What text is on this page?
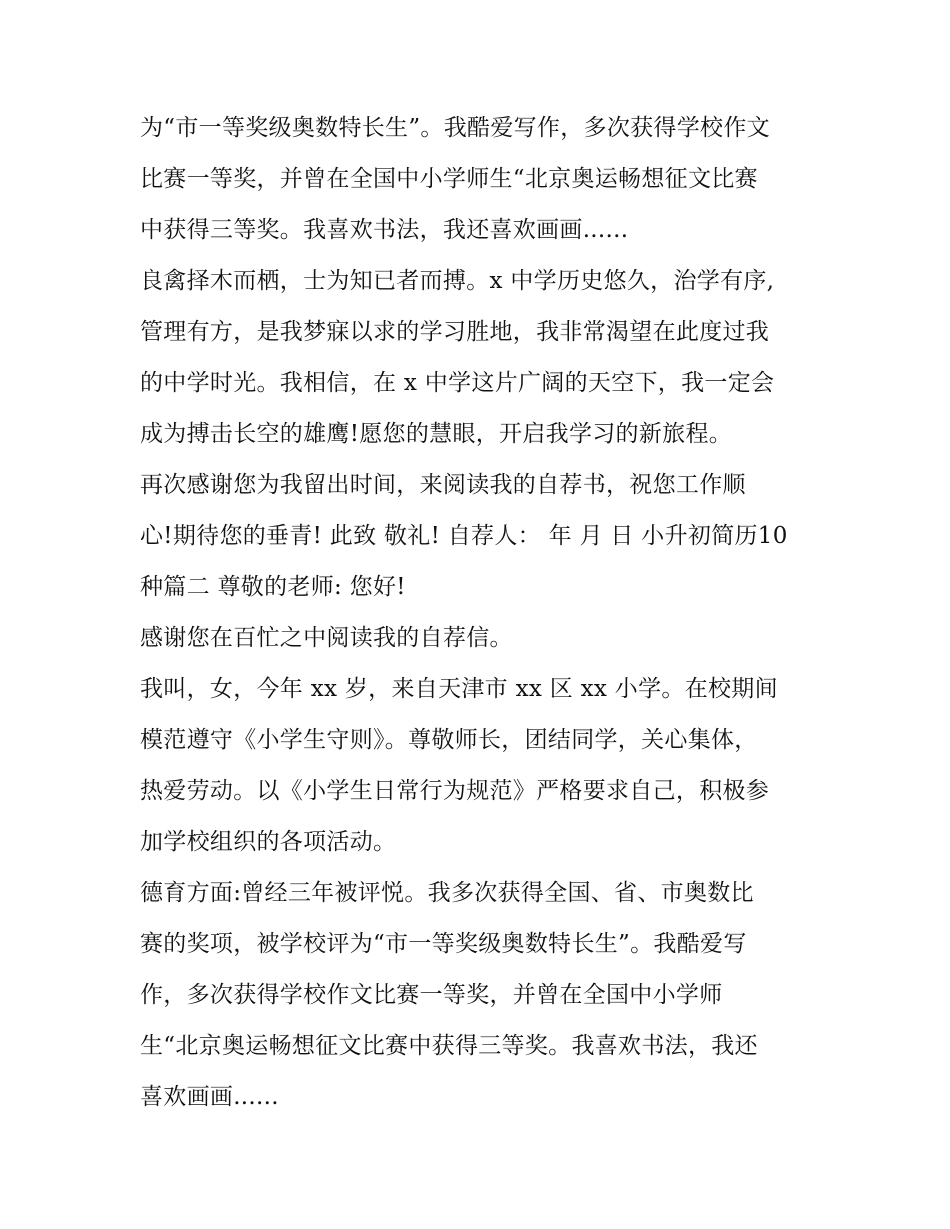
为“市一等奖级奥数特长生”。我酷爱写作，多次获得学校作文
比赛一等奖，并曾在全国中小学师生“北京奥运畅想征文比赛
中获得三等奖。我喜欢书法，我还喜欢画画......
良禽择木而栖，士为知已者而搏。x 中学历史悠久，治学有序,
管理有方，是我梦寐以求的学习胜地，我非常渴望在此度过我
的中学时光。我相信，在 x 中学这片广阔的天空下，我一定会
成为搏击长空的雄鹰!愿您的慧眼，开启我学习的新旅程。
再次感谢您为我留出时间，来阅读我的自荐书，祝您工作顺
心!期待您的垂青! 此致 敬礼! 自荐人： 年 月 日 小升初简历10
种篇二 尊敬的老师: 您好!
感谢您在百忙之中阅读我的自荐信。
我叫，女，今年 xx 岁，来自天津市 xx 区 xx 小学。在校期间
模范遵守《小学生守则》。尊敬师长，团结同学，关心集体，
热爱劳动。以《小学生日常行为规范》严格要求自己，积极参
加学校组织的各项活动。
德育方面:曾经三年被评悦。我多次获得全国、省、市奥数比
赛的奖项，被学校评为“市一等奖级奥数特长生”。我酷爱写
作，多次获得学校作文比赛一等奖，并曾在全国中小学师
生“北京奥运畅想征文比赛中获得三等奖。我喜欢书法，我还
喜欢画画......
